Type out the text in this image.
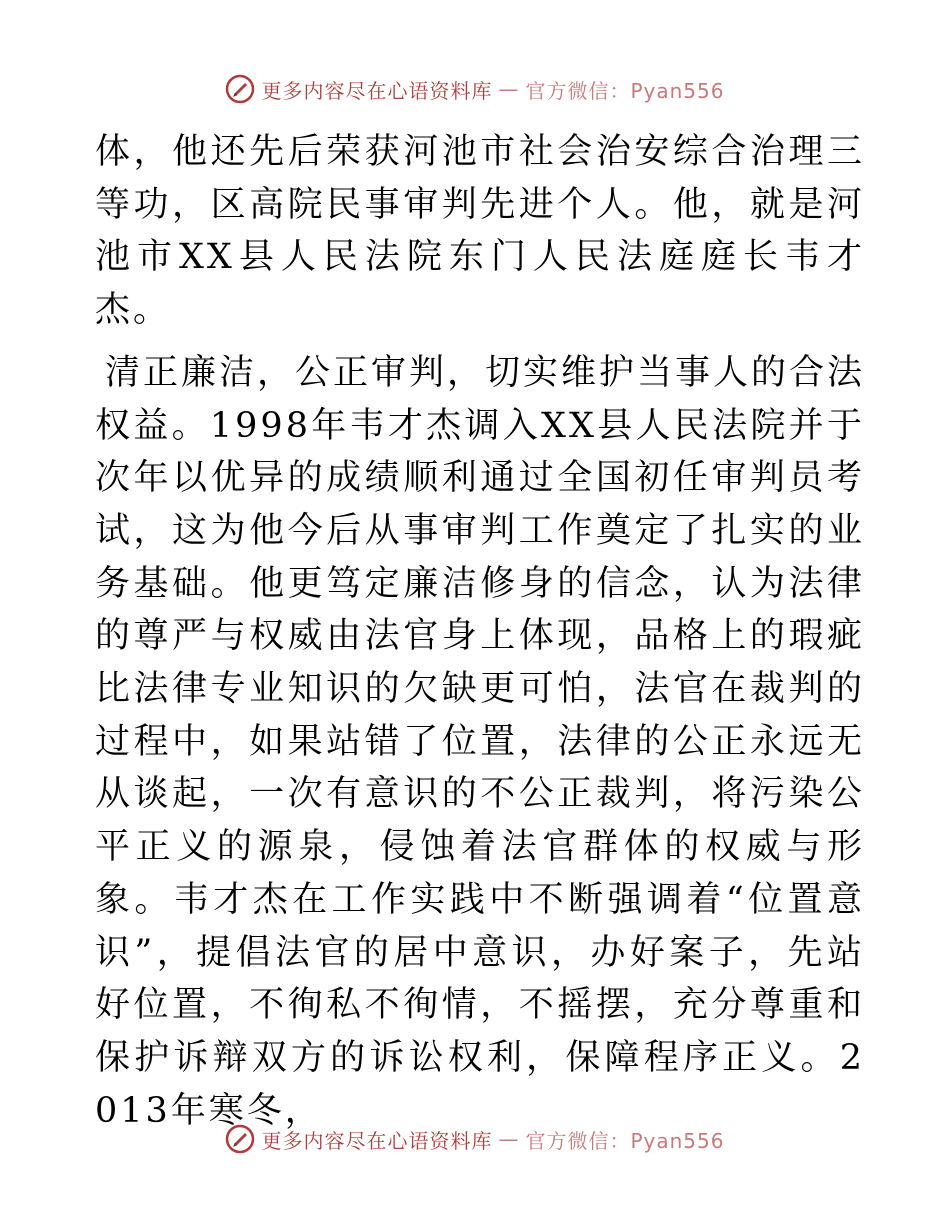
更多内容尽在心语资料库 — 官方微信：Pyan556

体，他还先后荣获河池市社会治安综合治理三等功，区高院民事审判先进个人。他，就是河池市XX县人民法院东门人民法庭庭长韦才杰。

清正廉洁，公正审判，切实维护当事人的合法权益。1998年韦才杰调入XX县人民法院并于次年以优异的成绩顺利通过全国初任审判员考试，这为他今后从事审判工作奠定了扎实的业务基础。他更笃定廉洁修身的信念，认为法律的尊严与权威由法官身上体现，品格上的瑕疵比法律专业知识的欠缺更可怕，法官在裁判的过程中，如果站错了位置，法律的公正永远无从谈起，一次有意识的不公正裁判，将污染公平正义的源泉，侵蚀着法官群体的权威与形象。韦才杰在工作实践中不断强调着“位置意识”，提倡法官的居中意识，办好案子，先站好位置，不徇私不徇情，不摇摆，充分尊重和保护诉辩双方的诉讼权利，保障程序正义。2013年寒冬，

更多内容尽在心语资料库 — 官方微信：Pyan556
